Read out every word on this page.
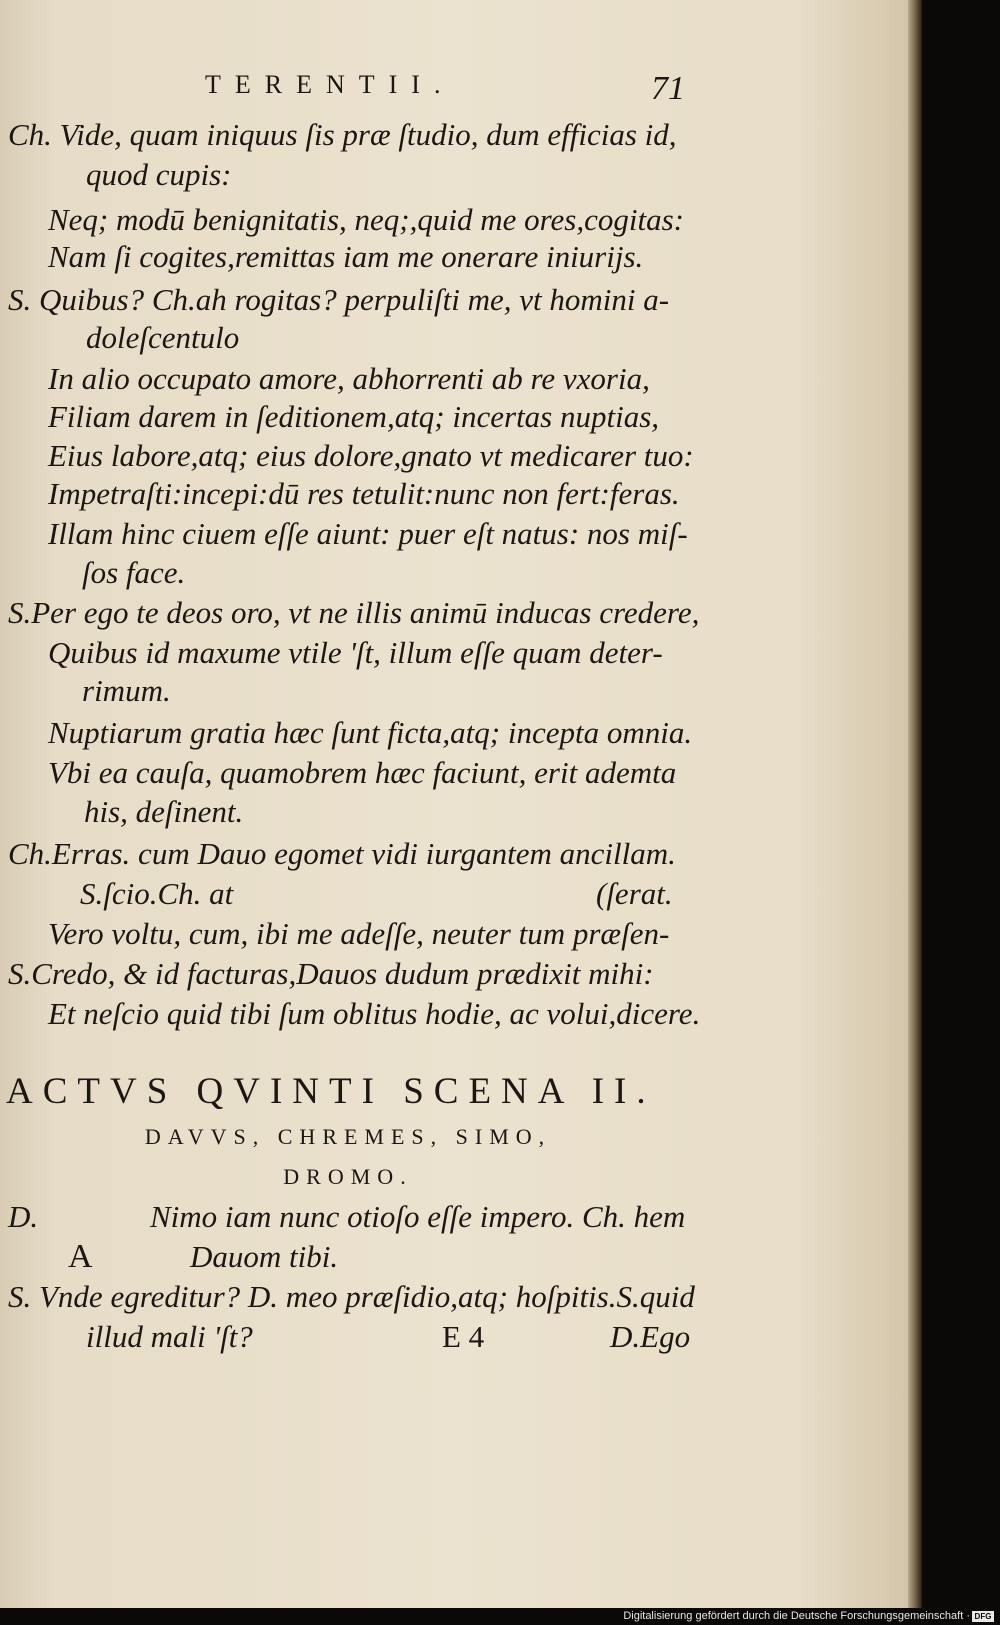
TERENTII.	71
Ch. Vide, quam iniquus ſis præ ſtudio, dum efficias id,
quod cupis:
Neq; modū benignitatis, neq;,quid me ores,cogitas:
Nam ſi cogites,remittas iam me onerare iniurijs.
S. Quibus? Ch.ah rogitas? perpuliſti me, vt homini a-
doleſcentulo
In alio occupato amore, abhorrenti ab re vxoria,
Filiam darem in ſeditionem,atq; incertas nuptias,
Eius labore,atq; eius dolore,gnato vt medicarer tuo:
Impetraſti:incepi:dū res tetulit:nunc non fert:feras.
Illam hinc ciuem eſſe aiunt: puer eſt natus: nos miſ-
ſos face.
S.Per ego te deos oro, vt ne illis animū inducas credere,
Quibus id maxume vtile 'ſt, illum eſſe quam deter-
rimum.
Nuptiarum gratia hæc ſunt ficta,atq; incepta omnia.
Vbi ea cauſa, quamobrem hæc faciunt, erit ademta
his, deſinent.
Ch.Erras. cum Dauo egomet vidi iurgantem ancillam.
S.ſcio.Ch. at	(ſerat.
Vero voltu, cum, ibi me adeſſe, neuter tum præſen-
S.Credo, & id facturas,Dauos dudum prædixit mihi:
Et neſcio quid tibi ſum oblitus hodie, ac volui,dicere.
ACTVS QVINTI SCENA II.
DAVVS, CHREMES, SIMO,
DROMO.
D.	Nimo iam nunc otioſo eſſe impero. Ch. hem
A	Dauom tibi.
S. Vnde egreditur? D. meo præſidio,atq; hoſpitis.S.quid
illud mali 'ſt?	E 4	D.Ego
Digitalisierung gefördert durch die Deutsche Forschungsgemeinschaft · DFG
